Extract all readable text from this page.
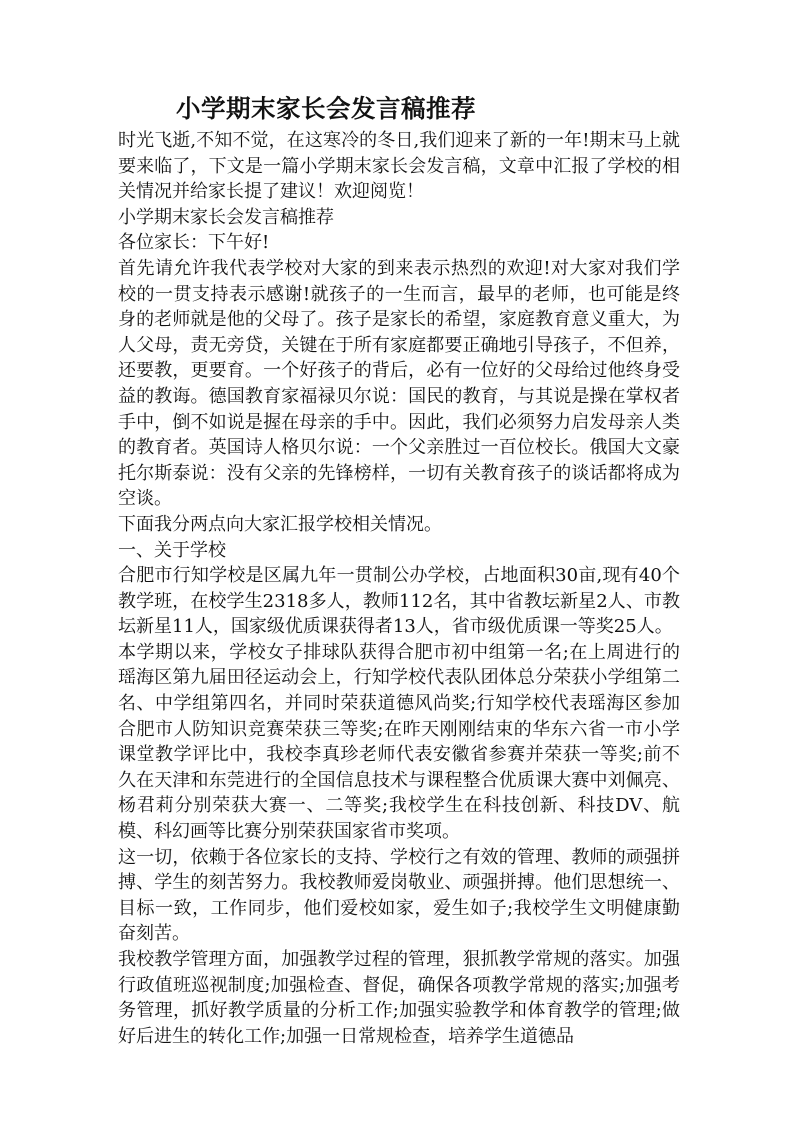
小学期末家长会发言稿推荐

时光飞逝,不知不觉，在这寒冷的冬日,我们迎来了新的一年!期末马上就要来临了，下文是一篇小学期末家长会发言稿，文章中汇报了学校的相关情况并给家长提了建议！欢迎阅览！

小学期末家长会发言稿推荐

各位家长：下午好!

首先请允许我代表学校对大家的到来表示热烈的欢迎!对大家对我们学校的一贯支持表示感谢!就孩子的一生而言，最早的老师，也可能是终身的老师就是他的父母了。孩子是家长的希望，家庭教育意义重大，为人父母，责无旁贷，关键在于所有家庭都要正确地引导孩子，不但养，还要教，更要育。一个好孩子的背后，必有一位好的父母给过他终身受益的教诲。德国教育家福禄贝尔说：国民的教育，与其说是操在掌权者手中，倒不如说是握在母亲的手中。因此，我们必须努力启发母亲人类的教育者。英国诗人格贝尔说：一个父亲胜过一百位校长。俄国大文豪托尔斯泰说：没有父亲的先锋榜样，一切有关教育孩子的谈话都将成为空谈。

下面我分两点向大家汇报学校相关情况。

一、关于学校

合肥市行知学校是区属九年一贯制公办学校，占地面积30亩,现有40个教学班，在校学生2318多人，教师112名，其中省教坛新星2人、市教坛新星11人，国家级优质课获得者13人，省市级优质课一等奖25人。

本学期以来，学校女子排球队获得合肥市初中组第一名;在上周进行的瑶海区第九届田径运动会上，行知学校代表队团体总分荣获小学组第二名、中学组第四名，并同时荣获道德风尚奖;行知学校代表瑶海区参加合肥市人防知识竞赛荣获三等奖;在昨天刚刚结束的华东六省一市小学课堂教学评比中，我校李真珍老师代表安徽省参赛并荣获一等奖;前不久在天津和东莞进行的全国信息技术与课程整合优质课大赛中刘佩亮、杨君莉分别荣获大赛一、二等奖;我校学生在科技创新、科技DV、航模、科幻画等比赛分别荣获国家省市奖项。

这一切，依赖于各位家长的支持、学校行之有效的管理、教师的顽强拼搏、学生的刻苦努力。我校教师爱岗敬业、顽强拼搏。他们思想统一、目标一致，工作同步，他们爱校如家，爱生如子;我校学生文明健康勤奋刻苦。

我校教学管理方面，加强教学过程的管理，狠抓教学常规的落实。加强行政值班巡视制度;加强检查、督促，确保各项教学常规的落实;加强考务管理，抓好教学质量的分析工作;加强实验教学和体育教学的管理;做好后进生的转化工作;加强一日常规检查，培养学生道德品
